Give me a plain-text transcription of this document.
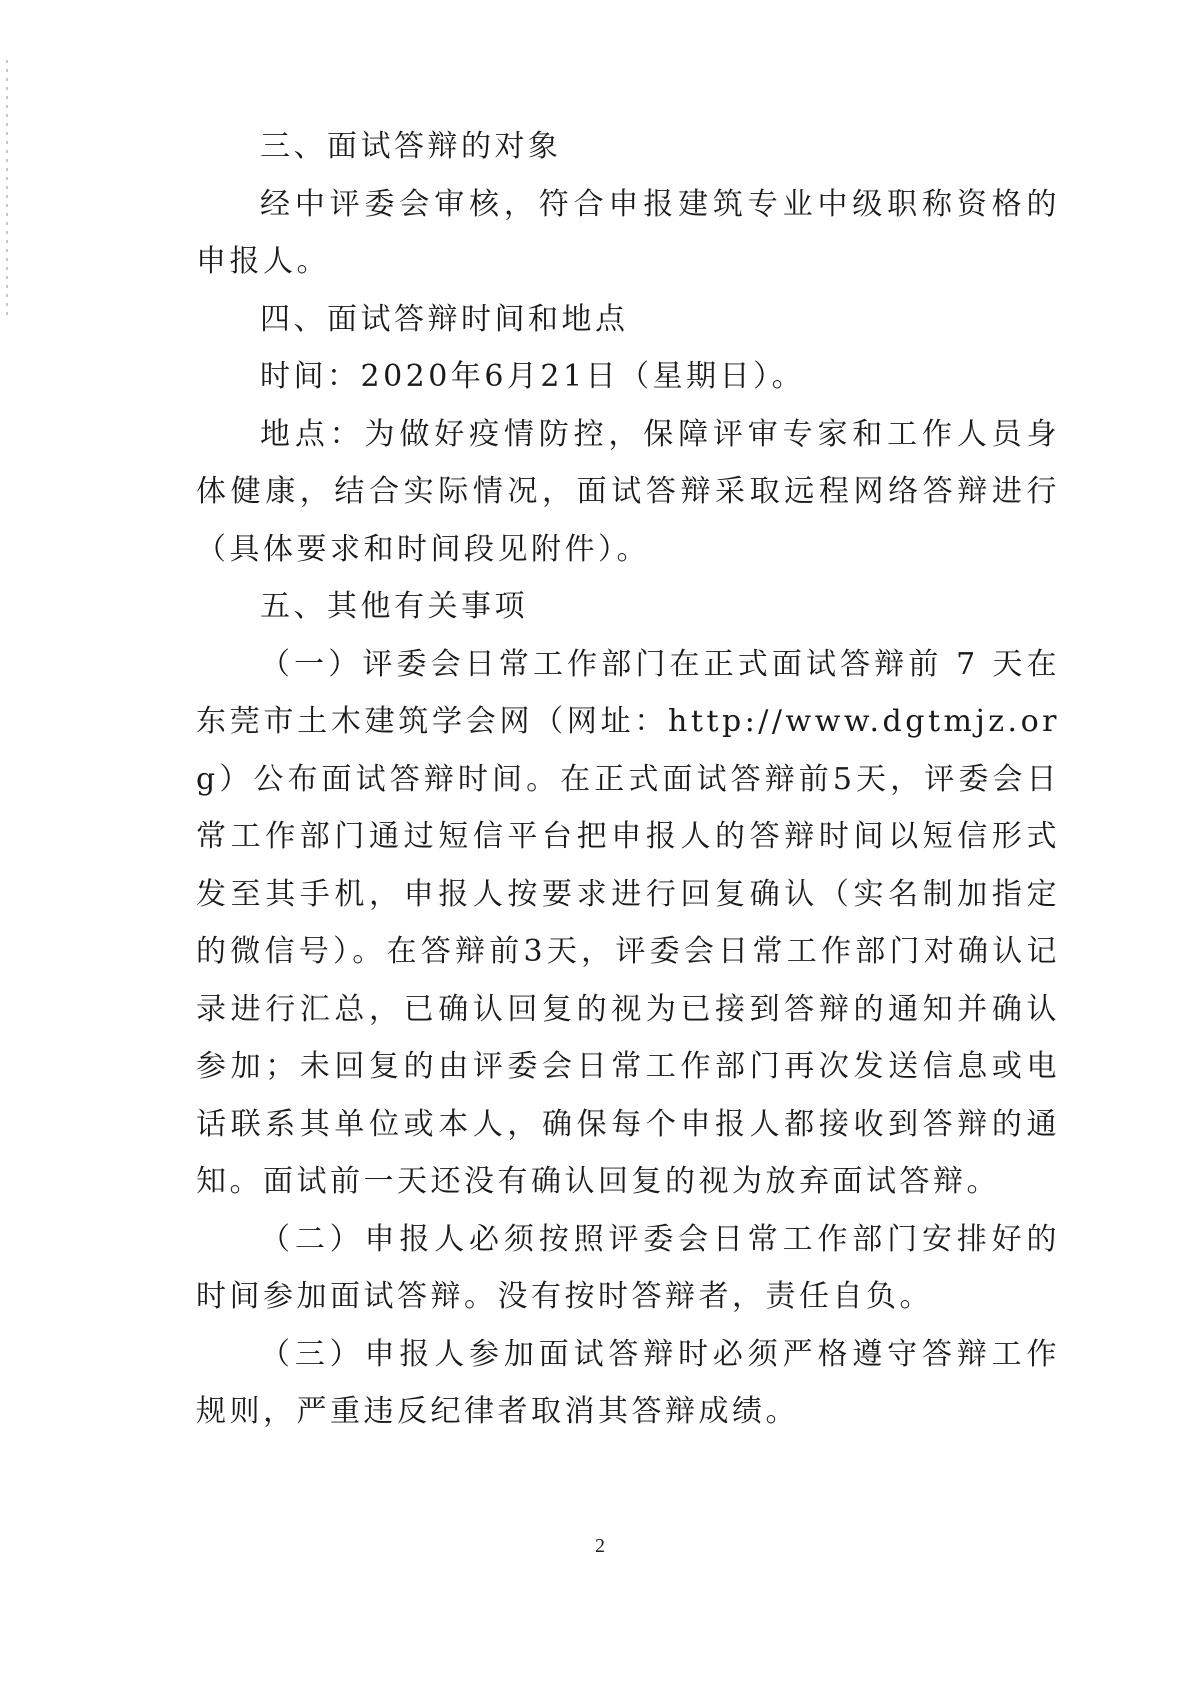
三、面试答辩的对象

经中评委会审核，符合申报建筑专业中级职称资格的申报人。

四、面试答辩时间和地点

时间：2020年6月21日（星期日）。

地点：为做好疫情防控，保障评审专家和工作人员身体健康，结合实际情况，面试答辩采取远程网络答辩进行（具体要求和时间段见附件）。

五、其他有关事项

（一）评委会日常工作部门在正式面试答辩前 7 天在东莞市土木建筑学会网（网址：http://www.dgtmjz.org）公布面试答辩时间。在正式面试答辩前5天，评委会日常工作部门通过短信平台把申报人的答辩时间以短信形式发至其手机，申报人按要求进行回复确认（实名制加指定的微信号）。在答辩前3天，评委会日常工作部门对确认记录进行汇总，已确认回复的视为已接到答辩的通知并确认参加；未回复的由评委会日常工作部门再次发送信息或电话联系其单位或本人，确保每个申报人都接收到答辩的通知。面试前一天还没有确认回复的视为放弃面试答辩。

（二）申报人必须按照评委会日常工作部门安排好的时间参加面试答辩。没有按时答辩者，责任自负。

（三）申报人参加面试答辩时必须严格遵守答辩工作规则，严重违反纪律者取消其答辩成绩。

2
